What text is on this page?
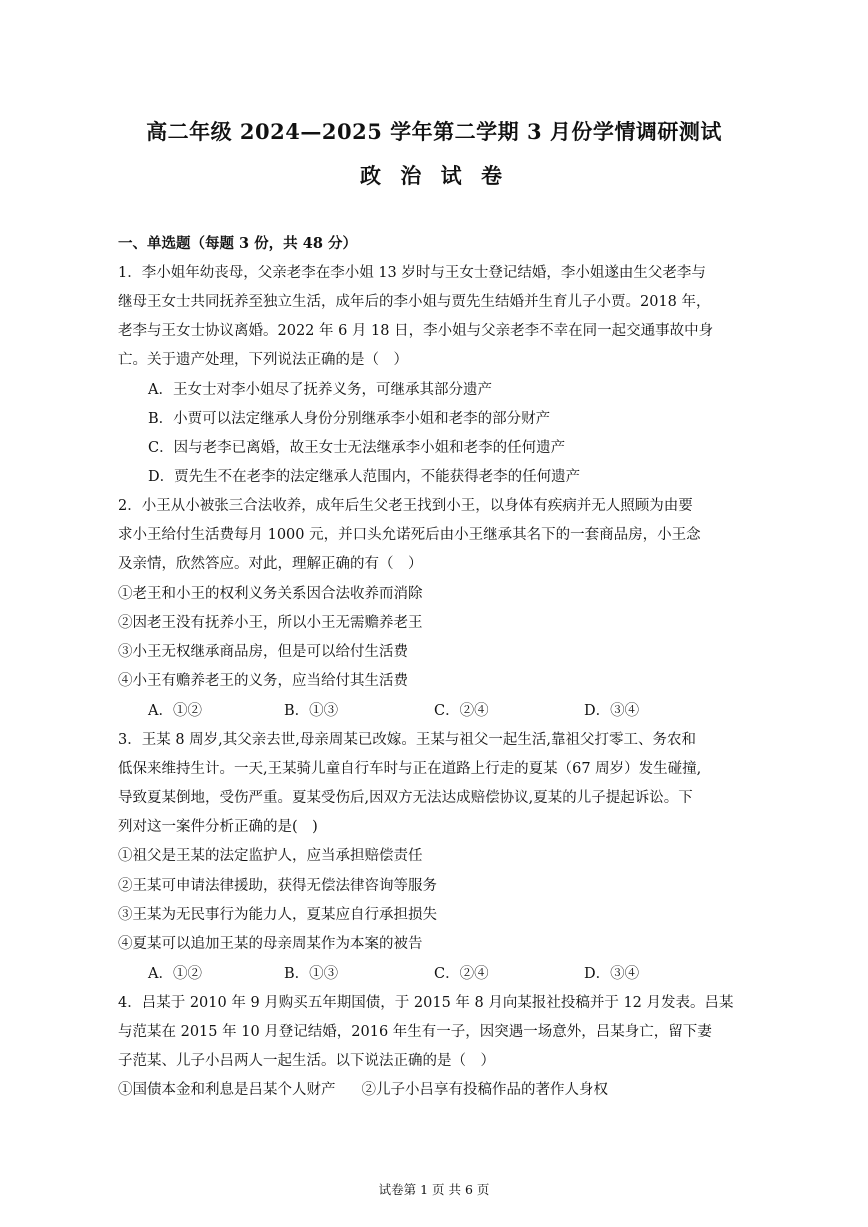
高二年级 2024—2025 学年第二学期 3 月份学情调研测试
政 治 试 卷
一、单选题（每题 3 份，共 48 分）
1．李小姐年幼丧母，父亲老李在李小姐 13 岁时与王女士登记结婚，李小姐遂由生父老李与
继母王女士共同抚养至独立生活，成年后的李小姐与贾先生结婚并生育儿子小贾。2018 年，
老李与王女士协议离婚。2022 年 6 月 18 日，李小姐与父亲老李不幸在同一起交通事故中身
亡。关于遗产处理，下列说法正确的是（　）
A．王女士对李小姐尽了抚养义务，可继承其部分遗产
B．小贾可以法定继承人身份分别继承李小姐和老李的部分财产
C．因与老李已离婚，故王女士无法继承李小姐和老李的任何遗产
D．贾先生不在老李的法定继承人范围内，不能获得老李的任何遗产
2．小王从小被张三合法收养，成年后生父老王找到小王，以身体有疾病并无人照顾为由要
求小王给付生活费每月 1000 元，并口头允诺死后由小王继承其名下的一套商品房，小王念
及亲情，欣然答应。对此，理解正确的有（　）
①老王和小王的权利义务关系因合法收养而消除
②因老王没有抚养小王，所以小王无需赡养老王
③小王无权继承商品房，但是可以给付生活费
④小王有赡养老王的义务，应当给付其生活费
A．①②	B．①③	C．②④	D．③④
3．王某 8 周岁,其父亲去世,母亲周某已改嫁。王某与祖父一起生活,靠祖父打零工、务农和
低保来维持生计。一天,王某骑儿童自行车时与正在道路上行走的夏某（67 周岁）发生碰撞,
导致夏某倒地，受伤严重。夏某受伤后,因双方无法达成赔偿协议,夏某的儿子提起诉讼。下
列对这一案件分析正确的是(　)
①祖父是王某的法定监护人，应当承担赔偿责任
②王某可申请法律援助，获得无偿法律咨询等服务
③王某为无民事行为能力人，夏某应自行承担损失
④夏某可以追加王某的母亲周某作为本案的被告
A．①②	B．①③	C．②④	D．③④
4．吕某于 2010 年 9 月购买五年期国债，于 2015 年 8 月向某报社投稿并于 12 月发表。吕某
与范某在 2015 年 10 月登记结婚，2016 年生有一子，因突遇一场意外，吕某身亡，留下妻
子范某、儿子小吕两人一起生活。以下说法正确的是（　）
①国债本金和利息是吕某个人财产 ②儿子小吕享有投稿作品的著作人身权
试卷第 1 页 共 6 页
